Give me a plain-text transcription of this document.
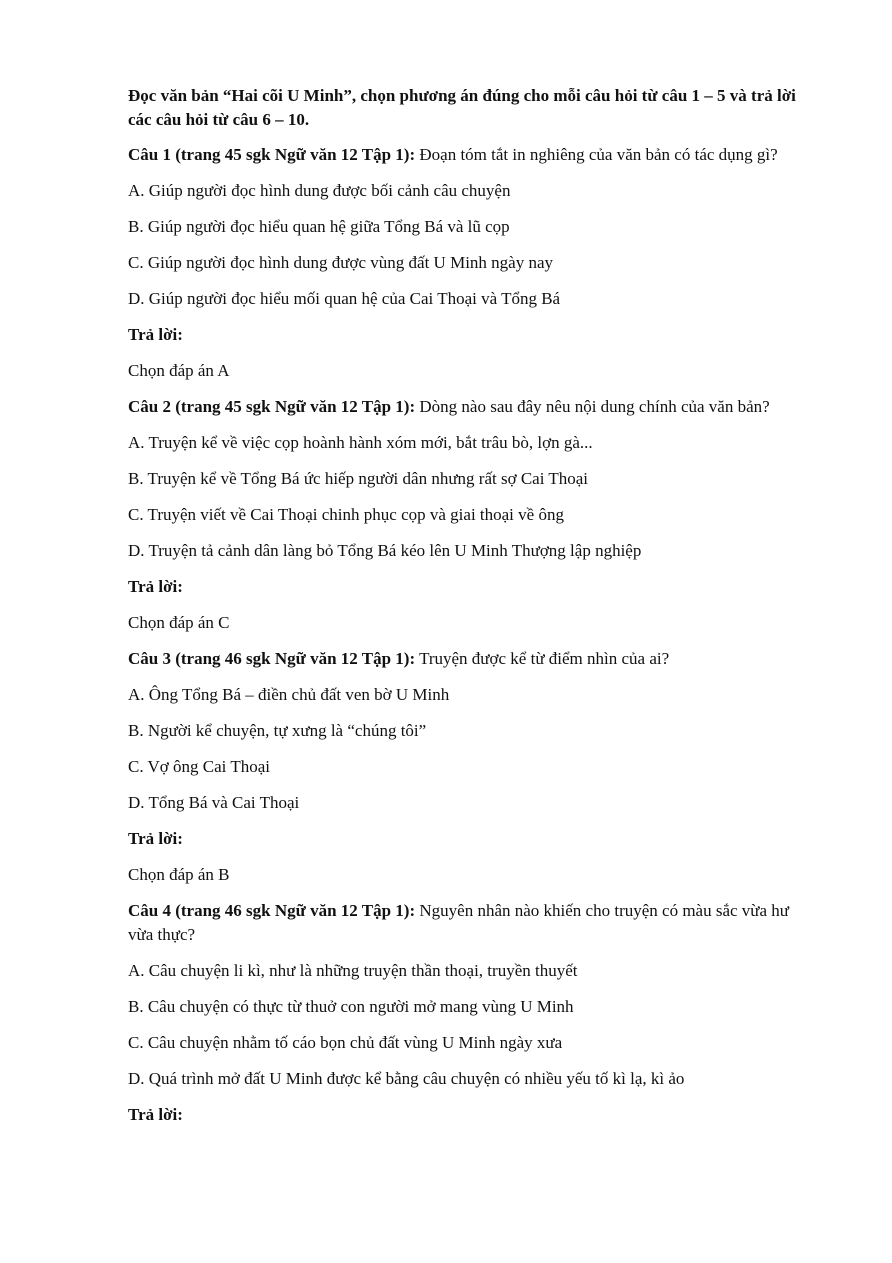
Đọc văn bản “Hai cõi U Minh”, chọn phương án đúng cho mỗi câu hỏi từ câu 1 – 5 và trả lời các câu hỏi từ câu 6 – 10.

Câu 1 (trang 45 sgk Ngữ văn 12 Tập 1): Đoạn tóm tắt in nghiêng của văn bản có tác dụng gì?

A. Giúp người đọc hình dung được bối cảnh câu chuyện

B. Giúp người đọc hiểu quan hệ giữa Tổng Bá và lũ cọp

C. Giúp người đọc hình dung được vùng đất U Minh ngày nay

D. Giúp người đọc hiểu mối quan hệ của Cai Thoại và Tổng Bá

Trả lời:

Chọn đáp án A

Câu 2 (trang 45 sgk Ngữ văn 12 Tập 1): Dòng nào sau đây nêu nội dung chính của văn bản?

A. Truyện kể về việc cọp hoành hành xóm mới, bắt trâu bò, lợn gà...

B. Truyện kể về Tổng Bá ức hiếp người dân nhưng rất sợ Cai Thoại

C. Truyện viết về Cai Thoại chinh phục cọp và giai thoại về ông

D. Truyện tả cảnh dân làng bỏ Tổng Bá kéo lên U Minh Thượng lập nghiệp

Trả lời:

Chọn đáp án C

Câu 3 (trang 46 sgk Ngữ văn 12 Tập 1): Truyện được kể từ điểm nhìn của ai?

A. Ông Tổng Bá – điền chủ đất ven bờ U Minh

B. Người kể chuyện, tự xưng là “chúng tôi”

C. Vợ ông Cai Thoại

D. Tổng Bá và Cai Thoại

Trả lời:

Chọn đáp án B

Câu 4 (trang 46 sgk Ngữ văn 12 Tập 1): Nguyên nhân nào khiến cho truyện có màu sắc vừa hư vừa thực?

A. Câu chuyện li kì, như là những truyện thần thoại, truyền thuyết

B. Câu chuyện có thực từ thuở con người mở mang vùng U Minh

C. Câu chuyện nhằm tố cáo bọn chủ đất vùng U Minh ngày xưa

D. Quá trình mở đất U Minh được kể bằng câu chuyện có nhiều yếu tố kì lạ, kì ảo

Trả lời:
